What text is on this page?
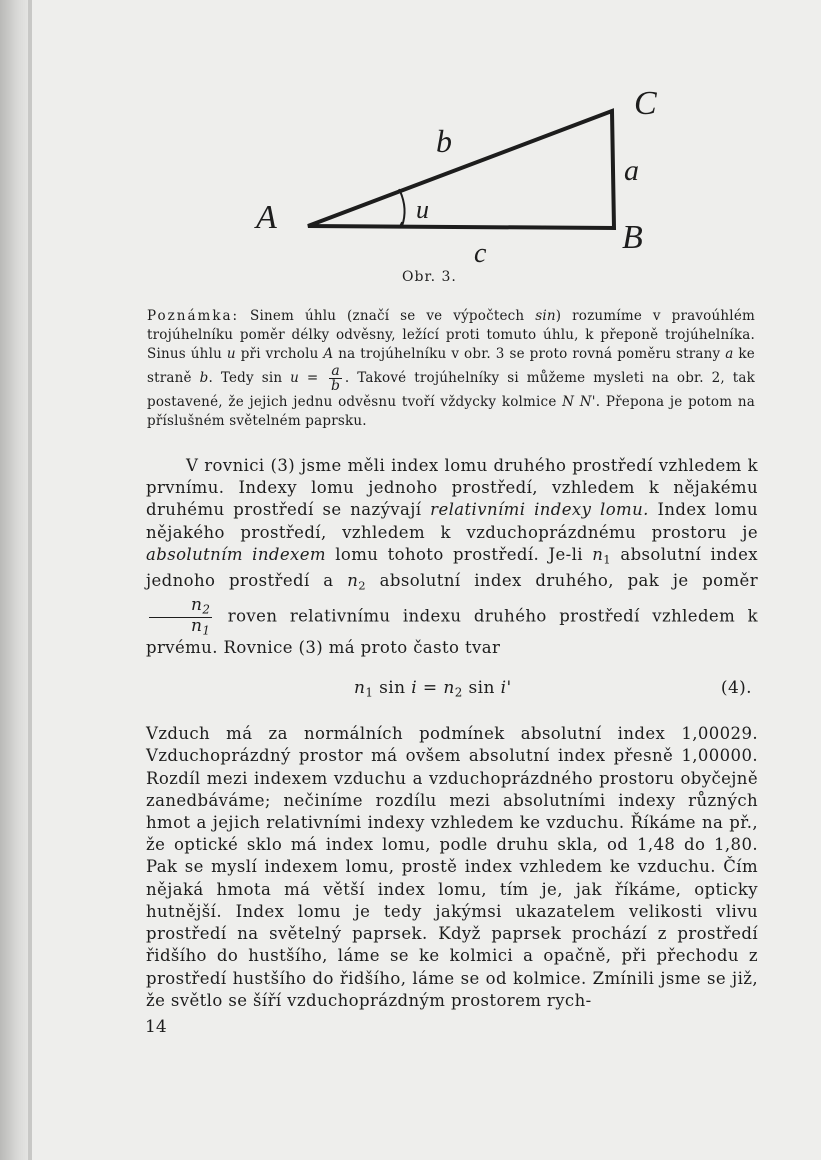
A
C
B
b
a
c
u
Obr. 3.
Poznámka: Sinem úhlu (značí se ve výpočtech sin) rozumíme v pravoúhlém trojúhelníku poměr délky odvěsny, ležící proti tomuto úhlu, k přeponě trojúhelníka. Sinus úhlu u při vrcholu A na trojúhelníku v obr. 3 se proto rovná poměru strany a ke straně b. Tedy $\sin u = \frac{a}{b}$ . Takové trojúhelníky si můžeme mysleti na obr. 2, tak postavené, že jejich jednu odvěsnu tvoří vždycky kolmice N N'. Přepona je potom na příslušném světelném paprsku.

V rovnici (3) jsme měli index lomu druhého prostředí vzhledem k prvnímu. Indexy lomu jednoho prostředí, vzhledem k nějakému druhému prostředí se nazývají relativními indexy lomu. Index lomu nějakého prostředí, vzhledem k vzduchoprázdnému prostoru je absolutním indexem lomu tohoto prostředí. Je-li $n_1$ absolutní index jednoho prostředí a $n_2$ absolutní index druhého, pak je poměr
$\frac{n_2}{n_1}$ roven relativnímu indexu druhého prostředí vzhledem k prvému. Rovnice (3) má proto často tvar

$n_1$ $\sin i = n_2$ sin i'	(4).

Vzduch má za normálních podmínek absolutní index 1,00029. Vzduchoprázdný prostor má ovšem absolutní index přesně 1,00000. Rozdíl mezi indexem vzduchu a vzduchoprázdného prostoru obyčejně zanedbáváme; nečiníme rozdílu mezi absolutními indexy různých hmot a jejich relativními indexy vzhledem ke vzduchu. Říkáme na př., že optické sklo má index lomu, podle druhu skla, od 1,48 do 1,80. Pak se myslí indexem lomu, prostě index vzhledem ke vzduchu. Čím nějaká hmota má větší index lomu, tím je, jak říkáme, opticky hutnější. Index lomu je tedy jakýmsi ukazatelem velikosti vlivu prostředí na světelný paprsek. Když paprsek prochází z prostředí řidšího do hustšího, láme se ke kolmici a opačně, při přechodu z prostředí hustšího do řidšího, láme se od kolmice. Zmínili jsme se již, že světlo se šíří vzduchoprázdným prostorem rych-

14
